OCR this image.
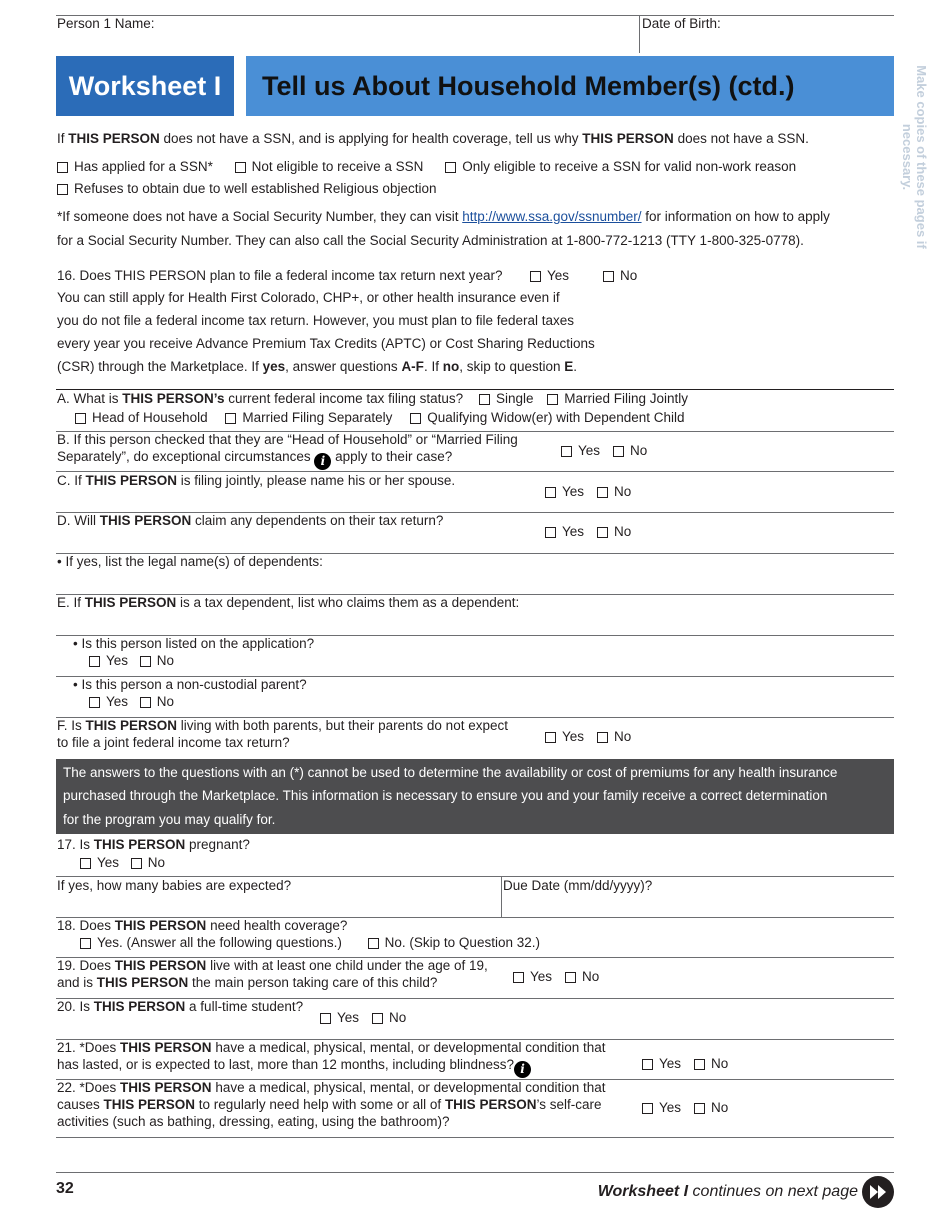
Person 1 Name:	Date of Birth:
Worksheet I	Tell us About Household Member(s) (ctd.)	Make copies of these pages if necessary.
If THIS PERSON does not have a SSN, and is applying for health coverage, tell us why THIS PERSON does not have a SSN.
Has applied for a SSN*	Not eligible to receive a SSN	Only eligible to receive a SSN for valid non-work reason
Refuses to obtain due to well established Religious objection
*If someone does not have a Social Security Number, they can visit http://www.ssa.gov/ssnumber/ for information on how to apply
for a Social Security Number. They can also call the Social Security Administration at 1-800-772-1213 (TTY 1-800-325-0778).
16. Does THIS PERSON plan to file a federal income tax return next year?	Yes	No
You can still apply for Health First Colorado, CHP+, or other health insurance even if
you do not file a federal income tax return. However, you must plan to file federal taxes
every year you receive Advance Premium Tax Credits (APTC) or Cost Sharing Reductions
(CSR) through the Marketplace. If yes, answer questions A-F. If no, skip to question E.
A. What is THIS PERSON’s current federal income tax filing status? Single Married Filing Jointly
Head of Household	Married Filing Separately	Qualifying Widow(er) with Dependent Child
B. If this person checked that they are “Head of Household” or “Married Filing
Separately”, do exceptional circumstances i apply to their case?	Yes	No
C. If THIS PERSON is filing jointly, please name his or her spouse.
Yes	No
D. Will THIS PERSON claim any dependents on their tax return?
Yes	No
• If yes, list the legal name(s) of dependents:
E. If THIS PERSON is a tax dependent, list who claims them as a dependent:
• Is this person listed on the application?
Yes No
• Is this person a non-custodial parent?
Yes No
F. Is THIS PERSON living with both parents, but their parents do not expect
to file a joint federal income tax return?	Yes	No
The answers to the questions with an (*) cannot be used to determine the availability or cost of premiums for any health insurance
purchased through the Marketplace. This information is necessary to ensure you and your family receive a correct determination
for the program you may qualify for.
17. Is THIS PERSON pregnant?
Yes No
If yes, how many babies are expected?	Due Date (mm/dd/yyyy)?
18. Does THIS PERSON need health coverage?
Yes. (Answer all the following questions.)	No. (Skip to Question 32.)
19. Does THIS PERSON live with at least one child under the age of 19,
and is THIS PERSON the main person taking care of this child?	Yes	No
20. Is THIS PERSON a full-time student?
Yes	No
21. *Does THIS PERSON have a medical, physical, mental, or developmental condition that
has lasted, or is expected to last, more than 12 months, including blindness? i	Yes	No
22. *Does THIS PERSON have a medical, physical, mental, or developmental condition that
causes THIS PERSON to regularly need help with some or all of THIS PERSON’s self-care
activities (such as bathing, dressing, eating, using the bathroom)?
Yes	No
32	Worksheet I continues on next page
